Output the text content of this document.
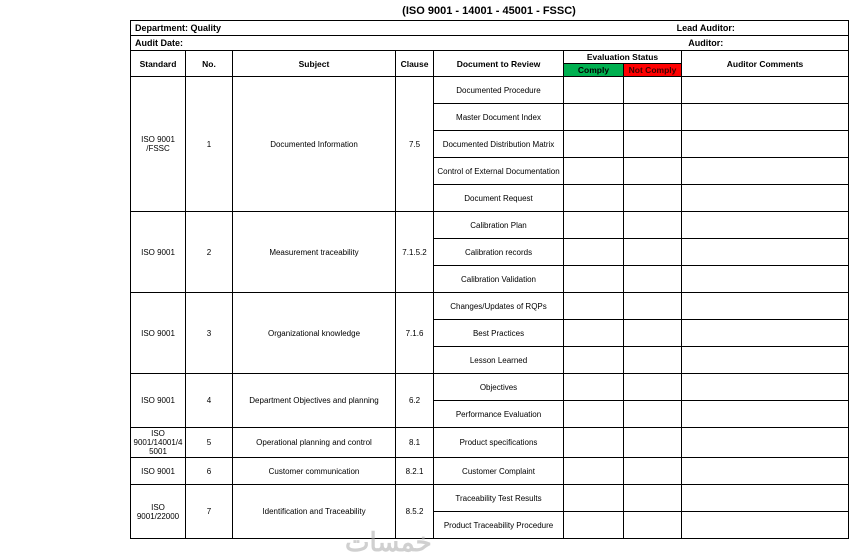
(ISO 9001 - 14001 - 45001 - FSSC)
Department: Quality					Lead Auditor:		
Audit Date:					Auditor:		
Standard	No.	Subject	Clause	Document to Review	Evaluation Status		Auditor Comments
					Comply	Not Comply	
ISO 9001 /FSSC	1	Documented Information	7.5	Documented Procedure			
				Master Document Index			
				Documented Distribution Matrix			
				Control of External Documentation			
				Document Request			
ISO 9001	2	Measurement traceability	7.1.5.2	Calibration Plan			
				Calibration records			
				Calibration Validation			
ISO 9001	3	Organizational knowledge	7.1.6	Changes/Updates of RQPs			
				Best Practices			
				Lesson Learned			
ISO 9001	4	Department Objectives and planning	6.2	Objectives			
				Performance Evaluation			
ISO 9001/14001/45001	5	Operational planning and control	8.1	Product specifications			
ISO 9001	6	Customer communication	8.2.1	Customer Complaint			
ISO 9001/22000	7	Identification and Traceability	8.5.2	Traceability Test Results			
				Product Traceability Procedure			
خمسات
